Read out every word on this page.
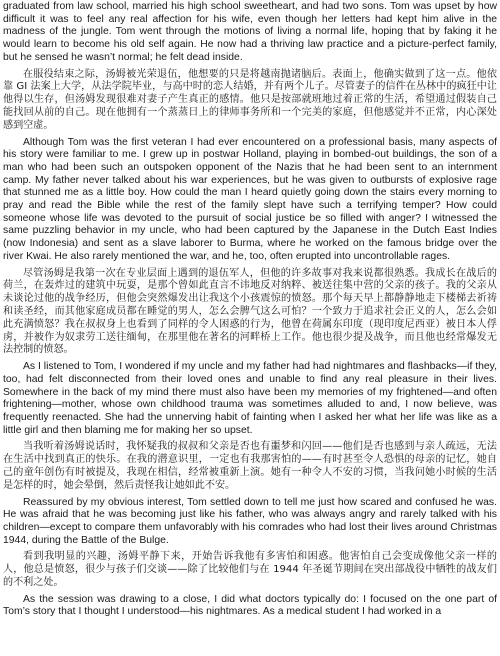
graduated from law school, married his high school sweetheart, and had two sons. Tom was upset by how difficult it was to feel any real affection for his wife, even though her letters had kept him alive in the madness of the jungle. Tom went through the motions of living a normal life, hoping that by faking it he would learn to become his old self again. He now had a thriving law practice and a picture-perfect family, but he sensed he wasn’t normal; he felt dead inside.

在服役结束之际，汤姆被光荣退伍，他想要的只是将越南抛诸脑后。表面上，他确实做到了这一点。他依靠 GI 法案上大学，从法学院毕业，与高中时的恋人结婚，并有两个儿子。尽管妻子的信件在丛林中的疯狂中让他得以生存，但汤姆发现很难对妻子产生真正的感情。他只是按部就班地过着正常的生活，希望通过假装自己能找回从前的自己。现在他拥有一个蒸蒸日上的律师事务所和一个完美的家庭，但他感觉并不正常，内心深处感到空虚。

Although Tom was the first veteran I had ever encountered on a professional basis, many aspects of his story were familiar to me. I grew up in postwar Holland, playing in bombed-out buildings, the son of a man who had been such an outspoken opponent of the Nazis that he had been sent to an internment camp. My father never talked about his war experiences, but he was given to outbursts of explosive rage that stunned me as a little boy. How could the man I heard quietly going down the stairs every morning to pray and read the Bible while the rest of the family slept have such a terrifying temper? How could someone whose life was devoted to the pursuit of social justice be so filled with anger? I witnessed the same puzzling behavior in my uncle, who had been captured by the Japanese in the Dutch East Indies (now Indonesia) and sent as a slave laborer to Burma, where he worked on the famous bridge over the river Kwai. He also rarely mentioned the war, and he, too, often erupted into uncontrollable rages.

尽管汤姆是我第一次在专业层面上遇到的退伍军人，但他的许多故事对我来说都很熟悉。我成长在战后的荷兰，在轰炸过的建筑中玩耍，是那个曾如此直言不讳地反对纳粹、被送往集中营的父亲的孩子。我的父亲从未谈论过他的战争经历，但他会突然爆发出让我这个小孩震惊的愤怒。那个每天早上都静静地走下楼梯去祈祷和读圣经，而其他家庭成员都在睡觉的男人，怎么会脾气这么可怕？一个致力于追求社会正义的人，怎么会如此充满愤怒？我在叔叔身上也看到了同样的令人困惑的行为，他曾在荷属东印度（现印度尼西亚）被日本人俘虏，并被作为奴隶劳工送往缅甸，在那里他在著名的河畔桥上工作。他也很少提及战争，而且他也经常爆发无法控制的愤怒。

As I listened to Tom, I wondered if my uncle and my father had had nightmares and flashbacks—if they, too, had felt disconnected from their loved ones and unable to find any real pleasure in their lives. Somewhere in the back of my mind there must also have been my memories of my frightened—and often frightening—mother, whose own childhood trauma was sometimes alluded to and, I now believe, was frequently reenacted. She had the unnerving habit of fainting when I asked her what her life was like as a little girl and then blaming me for making her so upset.

当我听着汤姆说话时，我怀疑我的叔叔和父亲是否也有噩梦和闪回——他们是否也感到与亲人疏远，无法在生活中找到真正的快乐。在我的潜意识里，一定也有我那害怕的——有时甚至令人恐惧的母亲的记忆，她自己的童年创伤有时被提及，我现在相信，经常被重新上演。她有一种令人不安的习惯，当我问她小时候的生活是怎样的时，她会晕倒，然后责怪我让她如此不安。

Reassured by my obvious interest, Tom settled down to tell me just how scared and confused he was. He was afraid that he was becoming just like his father, who was always angry and rarely talked with his children—except to compare them unfavorably with his comrades who had lost their lives around Christmas 1944, during the Battle of the Bulge.

看到我明显的兴趣，汤姆平静下来，开始告诉我他有多害怕和困惑。他害怕自己会变成像他父亲一样的人，他总是愤怒，很少与孩子们交谈——除了比较他们与在 1944 年圣诞节期间在突出部战役中牺牲的战友们的不利之处。

As the session was drawing to a close, I did what doctors typically do: I focused on the one part of Tom’s story that I thought I understood—his nightmares. As a medical student I had worked in a
